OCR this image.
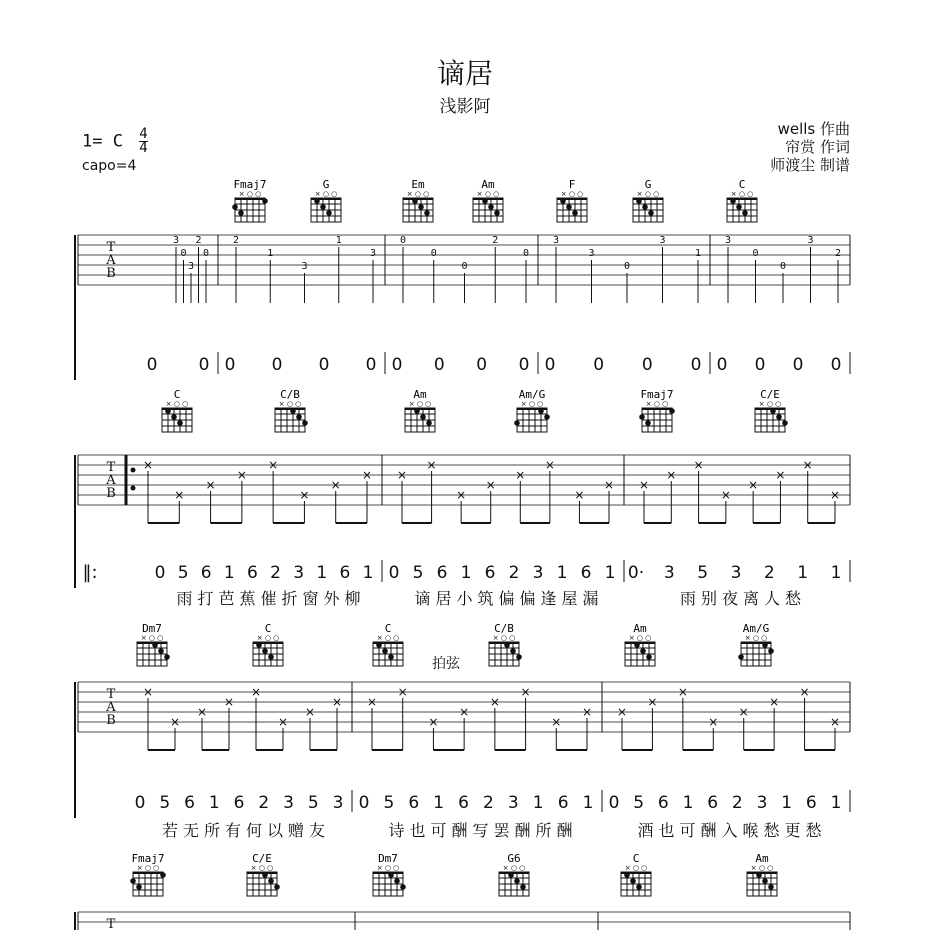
谪居
浅影阿
1= C $\frac{4}{4}$
capo=4
wells 作曲
帘赏 作词
师渡尘 制谱
T
A
B
Fmaj7
× ○ ○
G
× ○ ○
Em
× ○ ○
Am
× ○ ○
F
× ○ ○
G
× ○ ○
C
× ○ ○
3
0
3
2
0
2
1
3
1
3
0
0
0
2
0
3
3
0
3
1
3
0
0
3
2
0 0 0 0 0 0 0 0 0 0 0 0 0 0 0 0 0 0
T
A
B
C
× ○ ○
C/B
× ○ ○
Am
× ○ ○
Am/G
× ○ ○
Fmaj7
× ○ ○
C/E
× ○ ○
×
×
×
×
×
×
×
× ×
×
×
×
×
×
×
× ×
×
×
×
×
×
×
×
0 5 6 1 6 2 3 1 6 1 0 5 6 1 6 2 3 1 6 1 0· 3 5 3 2 1 1
雨打芭蕉催折窗外柳	谪居小筑偏偏逢屋漏	雨别夜离人愁
T
A
B
Dm7
× ○ ○
C
× ○ ○
C
× ○ ○
C/B
× ○ ○
Am
× ○ ○
Am/G
× ○ ○
×
×
×
×
×
×
×
× ×
×
×
×
×
×
×
× ×
×
×
×
×
×
×
×
0 5 6 1 6 2 3 5 3 0 5 6 1 6 2 3 1 6 1 0 5 6 1 6 2 3 1 6 1
若无所有何以赠友	诗也可酬写罢酬所酬	酒也可酬入喉愁更愁
拍弦
T
Fmaj7
× ○ ○
C/E
× ○ ○
Dm7
× ○ ○
G6
× ○ ○
C
× ○ ○
Am
× ○ ○
‖:
